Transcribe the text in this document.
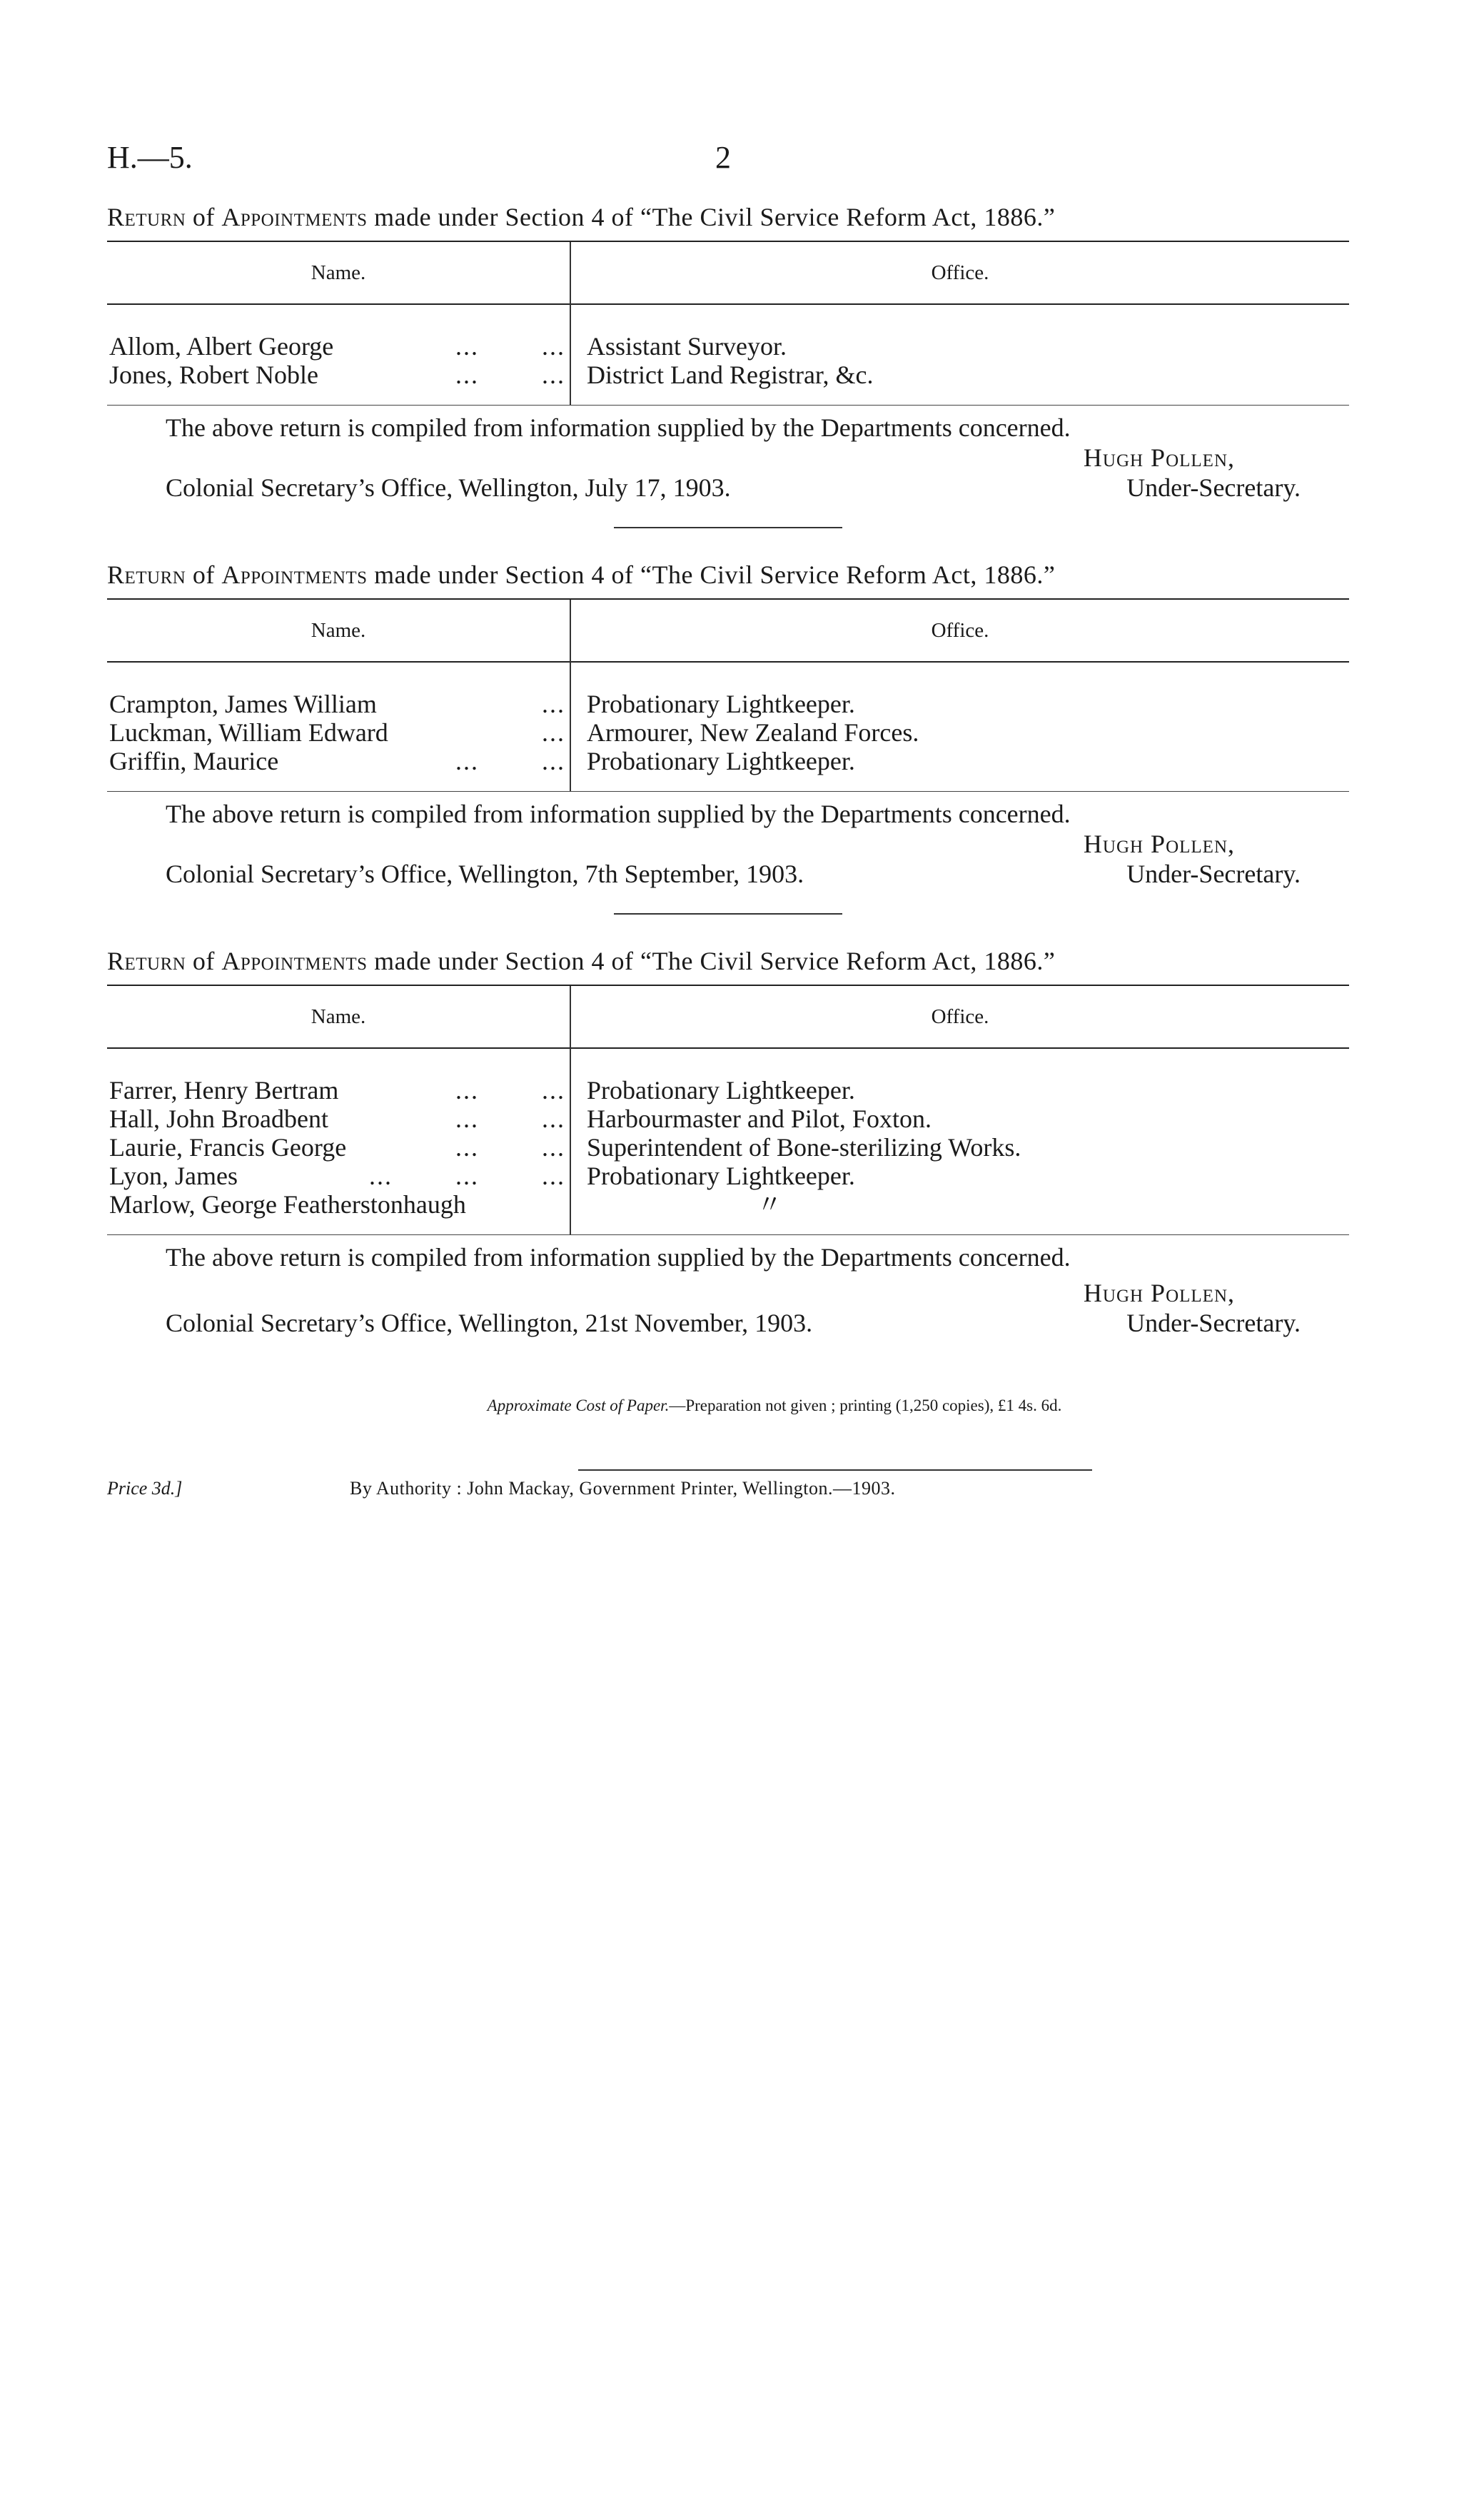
H.—5.	2
Return of Appointments made under Section 4 of “The Civil Service Reform Act, 1886.”
Name.	Office.

Allom, Albert George ...        ...	Assistant Surveyor.
Jones, Robert Noble ...        ...	District Land Registrar, &c.

The above return is compiled from information supplied by the Departments concerned.
Hugh Pollen,
Colonial Secretary’s Office, Wellington, July 17, 1903.	Under-Secretary.
Return of Appointments made under Section 4 of “The Civil Service Reform Act, 1886.”
Name.	Office.

Crampton, James William ...	Probationary Lightkeeper.
Luckman, William Edward ...	Armourer, New Zealand Forces.
Griffin, Maurice ...        ...	Probationary Lightkeeper.

The above return is compiled from information supplied by the Departments concerned.
Hugh Pollen,
Colonial Secretary’s Office, Wellington, 7th September, 1903.	Under-Secretary.
Return of Appointments made under Section 4 of “The Civil Service Reform Act, 1886.”
Name.	Office.

Farrer, Henry Bertram ...        ...	Probationary Lightkeeper.
Hall, John Broadbent ...        ...	Harbourmaster and Pilot, Foxton.
Laurie, Francis George ...        ...	Superintendent of Bone-sterilizing Works.
Lyon, James ...        ...        ...	Probationary Lightkeeper.
Marlow, George Featherstonhaugh	〃

The above return is compiled from information supplied by the Departments concerned.
Hugh Pollen,
Colonial Secretary’s Office, Wellington, 21st November, 1903.	Under-Secretary.
Approximate Cost of Paper.—Preparation not given ; printing (1,250 copies), £1 4s. 6d.
Price 3d.]	By Authority : John Mackay, Government Printer, Wellington.—1903.
